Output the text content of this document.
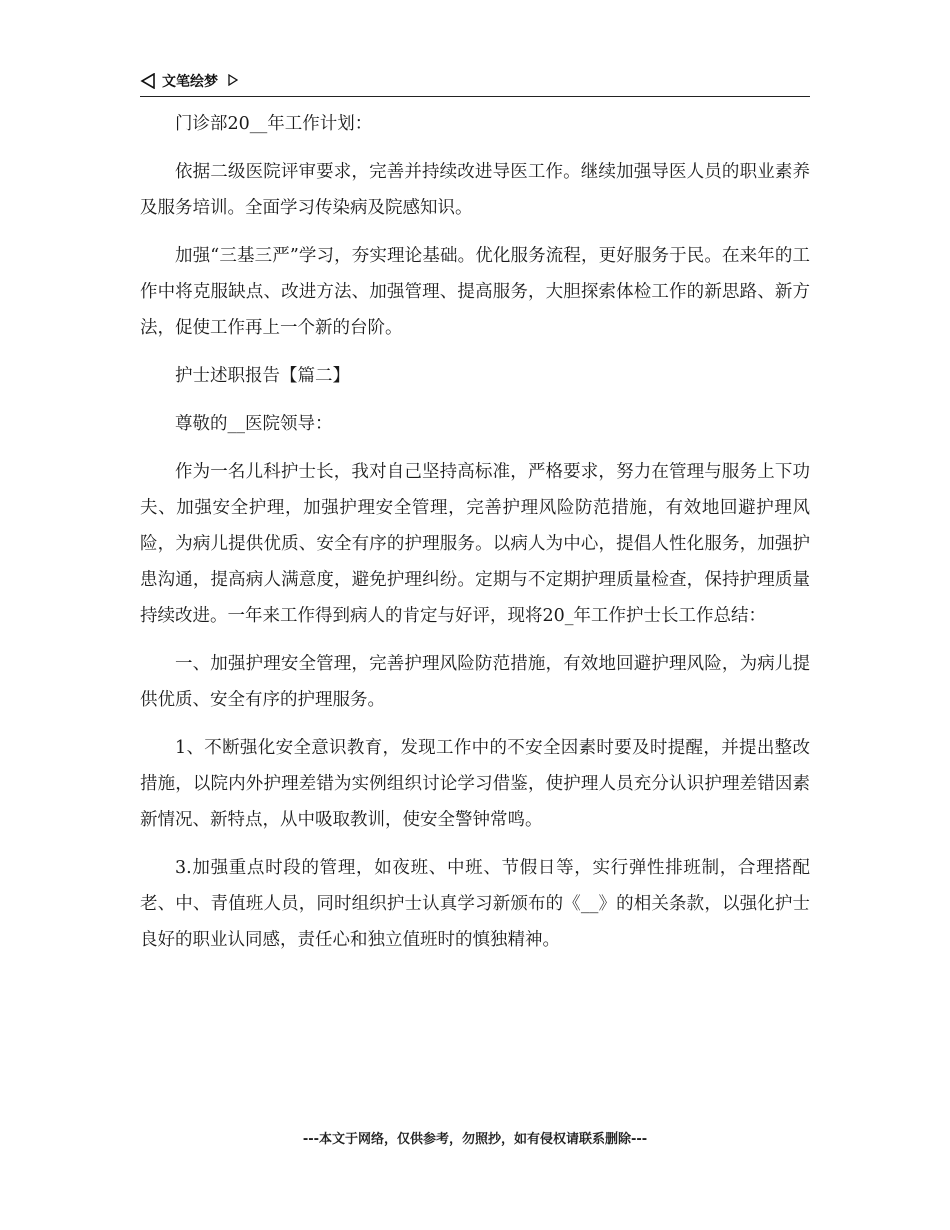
文笔绘梦

门诊部20__年工作计划：

依据二级医院评审要求，完善并持续改进导医工作。继续加强导医人员的职业素养及服务培训。全面学习传染病及院感知识。

加强“三基三严”学习，夯实理论基础。优化服务流程，更好服务于民。在来年的工作中将克服缺点、改进方法、加强管理、提高服务，大胆探索体检工作的新思路、新方法，促使工作再上一个新的台阶。

护士述职报告【篇二】

尊敬的__医院领导：

作为一名儿科护士长，我对自己坚持高标准，严格要求，努力在管理与服务上下功夫、加强安全护理，加强护理安全管理，完善护理风险防范措施，有效地回避护理风险，为病儿提供优质、安全有序的护理服务。以病人为中心，提倡人性化服务，加强护患沟通，提高病人满意度，避免护理纠纷。定期与不定期护理质量检查，保持护理质量持续改进。一年来工作得到病人的肯定与好评，现将20_年工作护士长工作总结：

一、加强护理安全管理，完善护理风险防范措施，有效地回避护理风险，为病儿提供优质、安全有序的护理服务。

1、不断强化安全意识教育，发现工作中的不安全因素时要及时提醒，并提出整改措施，以院内外护理差错为实例组织讨论学习借鉴，使护理人员充分认识护理差错因素新情况、新特点，从中吸取教训，使安全警钟常鸣。

3.加强重点时段的管理，如夜班、中班、节假日等，实行弹性排班制，合理搭配老、中、青值班人员，同时组织护士认真学习新颁布的《__》的相关条款，以强化护士良好的职业认同感，责任心和独立值班时的慎独精神。

---本文于网络，仅供参考，勿照抄，如有侵权请联系删除---
